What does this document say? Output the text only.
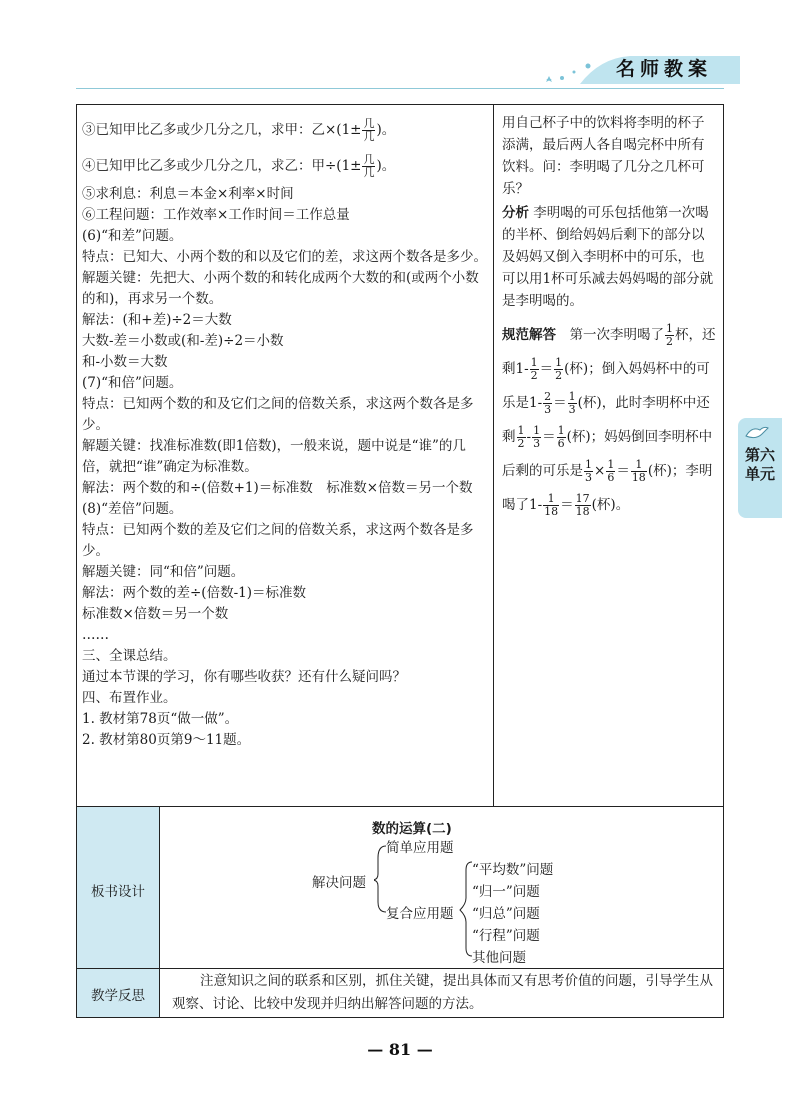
名师教案
第六单元
③已知甲比乙多或少几分之几，求甲：乙$\times(1\pm \frac{\text{几}}{\text{几}}$ )。
④已知甲比乙多或少几分之几，求乙：甲$\div(1\pm \frac{\text{几}}{\text{几}}$ )。
⑤求利息：利息＝本金×利率×时间
⑥工程问题：工作效率×工作时间＝工作总量
(6)“和差”问题。
特点：已知大、小两个数的和以及它们的差，求这两个数各是多少。
解题关键：先把大、小两个数的和转化成两个大数的和(或两个小数的和)，再求另一个数。
解法：(和+差)÷2＝大数
大数-差＝小数或(和-差)÷2＝小数
和-小数＝大数
(7)“和倍”问题。
特点：已知两个数的和及它们之间的倍数关系，求这两个数各是多少。
解题关键：找准标准数(即1倍数)，一般来说，题中说是“谁”的几倍，就把“谁”确定为标准数。
解法：两个数的和÷(倍数+1)＝标准数　标准数×倍数＝另一个数
(8)“差倍”问题。
特点：已知两个数的差及它们之间的倍数关系，求这两个数各是多少。
解题关键：同“和倍”问题。
解法：两个数的差÷(倍数-1)＝标准数
标准数×倍数＝另一个数
……
三、全课总结。
通过本节课的学习，你有哪些收获？还有什么疑问吗？
四、布置作业。
1. 教材第78页“做一做”。
2. 教材第80页第9～11题。
用自己杯子中的饮料将李明的杯子添满，最后两人各自喝完杯中所有饮料。问：李明喝了几分之几杯可乐？
分析 李明喝的可乐包括他第一次喝的半杯、倒给妈妈后剩下的部分以及妈妈又倒入李明杯中的可乐，也可以用1杯可乐减去妈妈喝的部分就是李明喝的。
规范解答　 第一次李明喝了 $\frac{1}{2}$ 杯，还剩$1- \frac{1}{2} = \frac{1}{2}$ (杯)；倒入妈妈杯中的可乐是$1- \frac{2}{3} = \frac{1}{3}$ (杯)，此时李明杯中还剩 $\frac{1}{2} - \frac{1}{3} = \frac{1}{6}$ (杯)；妈妈倒回李明杯中后剩的可乐是 $\frac{1}{3} \times \frac{1}{6} = \frac{1}{18}$ (杯)；李明喝了$1- \frac{1}{18} = \frac{17}{18}$ (杯)。
板书设计
数的运算(二)
解决问题
简单应用题
复合应用题
“平均数”问题
“归一”问题
“归总”问题
“行程”问题
其他问题
教学反思
注意知识之间的联系和区别，抓住关键，提出具体而又有思考价值的问题，引导学生从观察、讨论、比较中发现并归纳出解答问题的方法。
— 81 —
